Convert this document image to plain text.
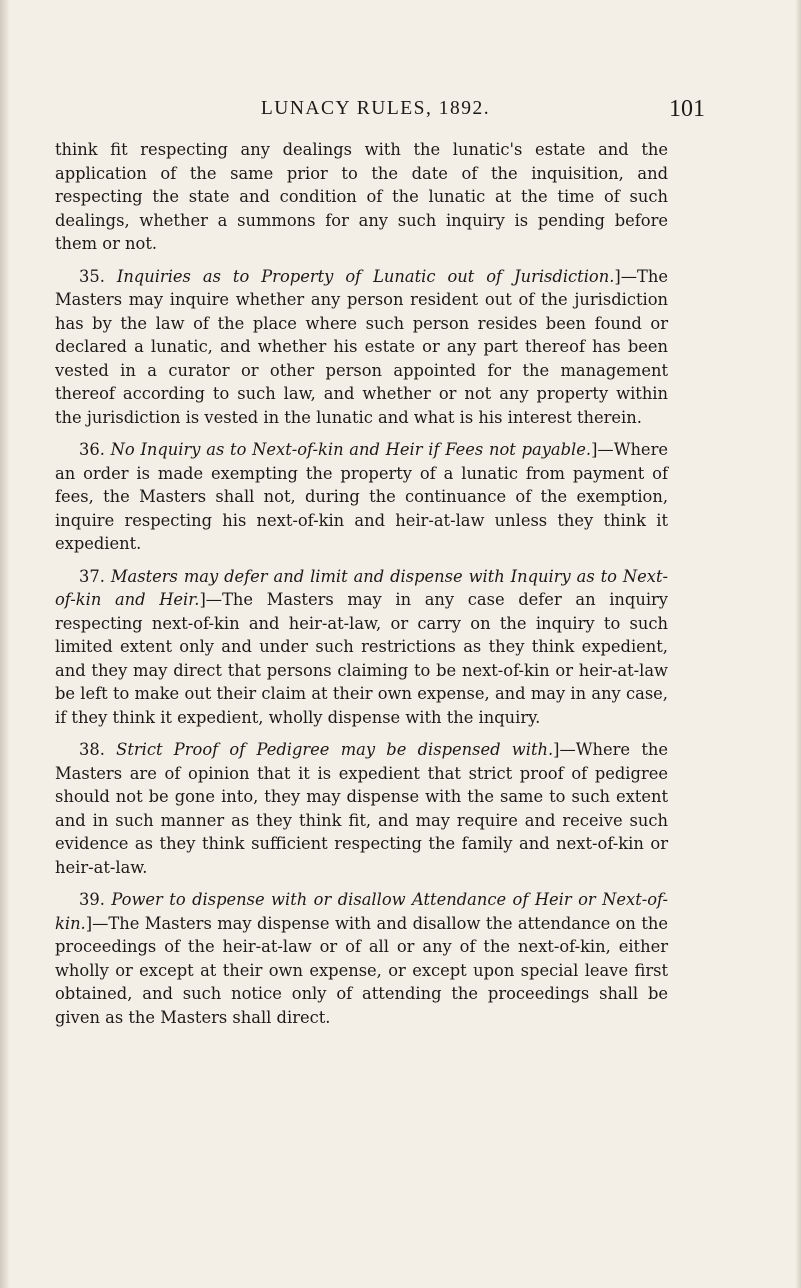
LUNACY RULES, 1892.	101

think fit respecting any dealings with the lunatic's estate and the application of the same prior to the date of the inquisition, and respecting the state and condition of the lunatic at the time of such dealings, whether a summons for any such inquiry is pending before them or not.

35. Inquiries as to Property of Lunatic out of Jurisdiction.]—The Masters may inquire whether any person resident out of the jurisdiction has by the law of the place where such person resides been found or declared a lunatic, and whether his estate or any part thereof has been vested in a curator or other person appointed for the management thereof according to such law, and whether or not any property within the jurisdiction is vested in the lunatic and what is his interest therein.

36. No Inquiry as to Next-of-kin and Heir if Fees not payable.]—Where an order is made exempting the property of a lunatic from payment of fees, the Masters shall not, during the continuance of the exemption, inquire respecting his next-of-kin and heir-at-law unless they think it expedient.

37. Masters may defer and limit and dispense with Inquiry as to Next-of-kin and Heir.]—The Masters may in any case defer an inquiry respecting next-of-kin and heir-at-law, or carry on the inquiry to such limited extent only and under such restrictions as they think expedient, and they may direct that persons claiming to be next-of-kin or heir-at-law be left to make out their claim at their own expense, and may in any case, if they think it expedient, wholly dispense with the inquiry.

38. Strict Proof of Pedigree may be dispensed with.]—Where the Masters are of opinion that it is expedient that strict proof of pedigree should not be gone into, they may dispense with the same to such extent and in such manner as they think fit, and may require and receive such evidence as they think sufficient respecting the family and next-of-kin or heir-at-law.

39. Power to dispense with or disallow Attendance of Heir or Next-of-kin.]—The Masters may dispense with and disallow the attendance on the proceedings of the heir-at-law or of all or any of the next-of-kin, either wholly or except at their own expense, or except upon special leave first obtained, and such notice only of attending the proceedings shall be given as the Masters shall direct.
